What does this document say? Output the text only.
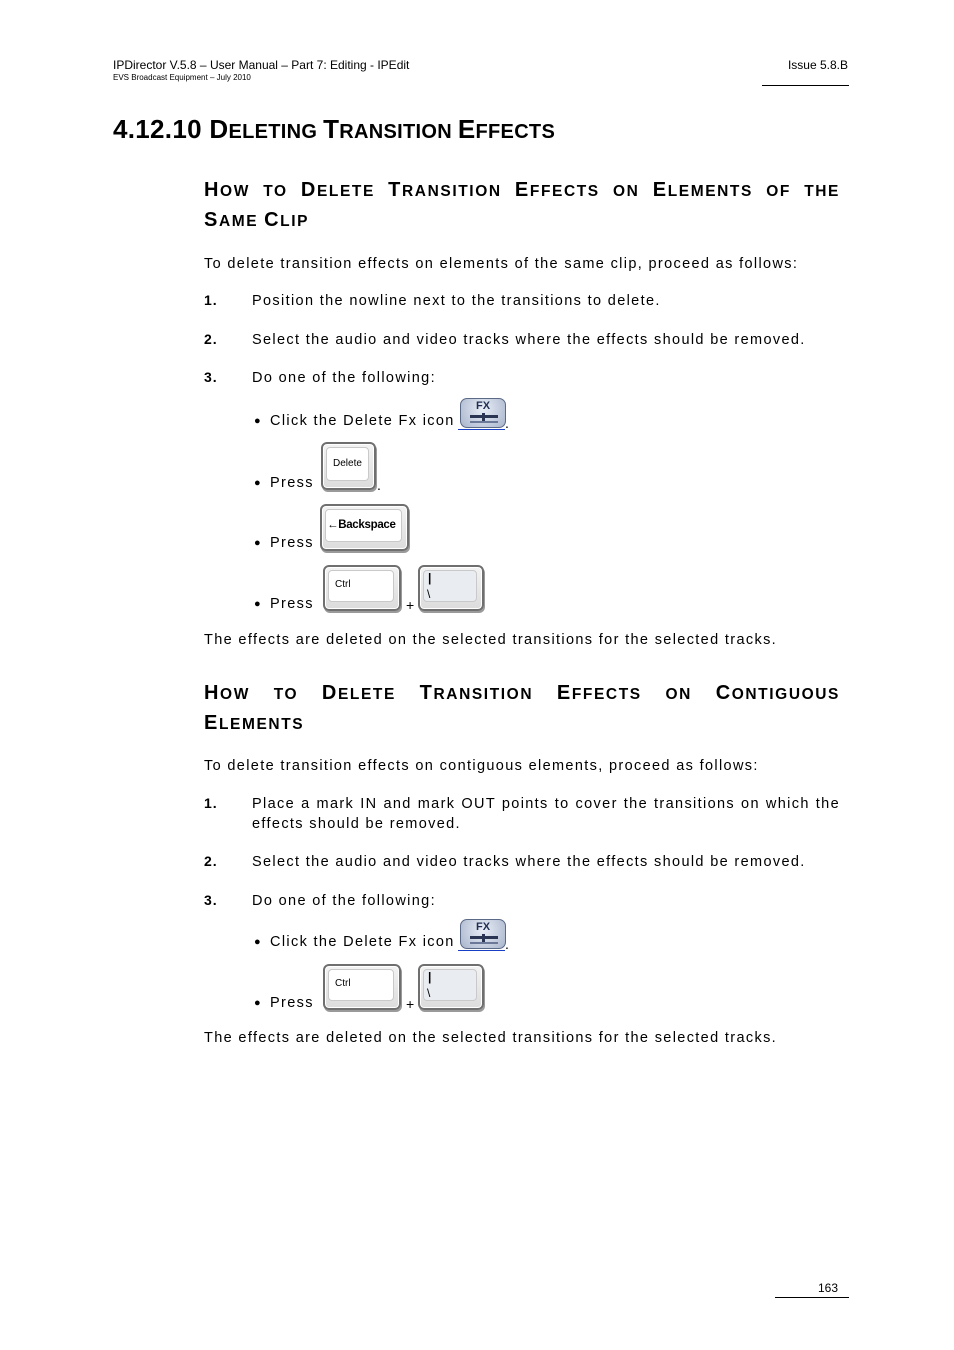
IPDirector V.5.8 – User Manual – Part 7: Editing - IPEdit
EVS Broadcast Equipment – July 2010
Issue 5.8.B
4.12.10 DELETING TRANSITION EFFECTS
HOW TO DELETE TRANSITION EFFECTS ON ELEMENTS OF THE
SAME CLIP
To delete transition effects on elements of the same clip, proceed as follows:
1. Position the nowline next to the transitions to delete.
2. Select the audio and video tracks where the effects should be removed.
3. Do one of the following:
● Click the Delete Fx icon
FX
.
● Press
Delete
.
● Press
←Backspace
● Press
Ctrl
+
|
\
The effects are deleted on the selected transitions for the selected tracks.
HOW TO DELETE TRANSITION EFFECTS ON CONTIGUOUS
ELEMENTS
To delete transition effects on contiguous elements, proceed as follows:
1. Place a mark IN and mark OUT points to cover the transitions on which the effects should be removed.
2. Select the audio and video tracks where the effects should be removed.
3. Do one of the following:
● Click the Delete Fx icon
FX
.
● Press
Ctrl
+
|
\
The effects are deleted on the selected transitions for the selected tracks.
163
